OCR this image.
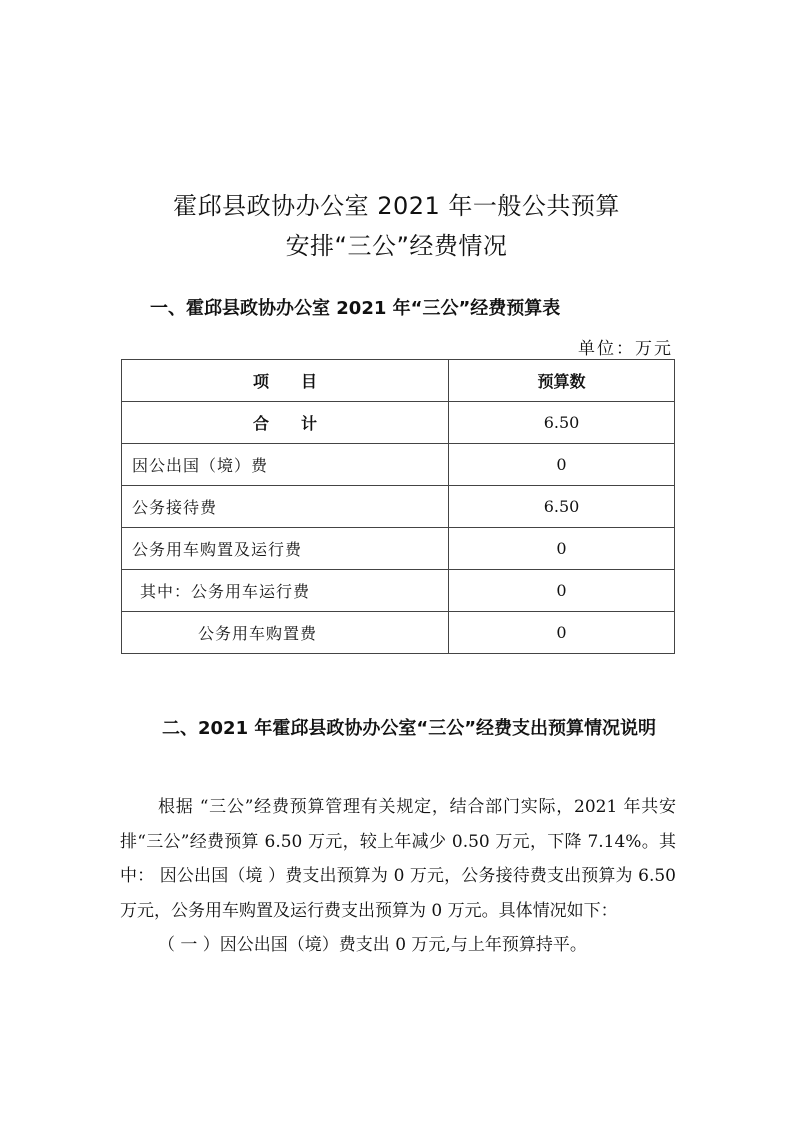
霍邱县政协办公室 2021 年一般公共预算
安排“三公”经费情况
一、霍邱县政协办公室 2021 年“三公”经费预算表
单位：万元
项　　目	预算数
合　　计	6.50
因公出国（境）费	0
公务接待费	6.50
公务用车购置及运行费	0
其中：公务用车运行费	0
公务用车购置费	0
二、2021 年霍邱县政协办公室“三公”经费支出预算情况说明

根据 “三公”经费预算管理有关规定，结合部门实际，2021 年共安排“三公”经费预算 6.50 万元，较上年减少 0.50 万元，下降 7.14%。其中： 因公出国（境 ）费支出预算为 0 万元，公务接待费支出预算为 6.50 万元，公务用车购置及运行费支出预算为 0 万元。具体情况如下：

（ 一 ）因公出国（境）费支出 0 万元,与上年预算持平。
